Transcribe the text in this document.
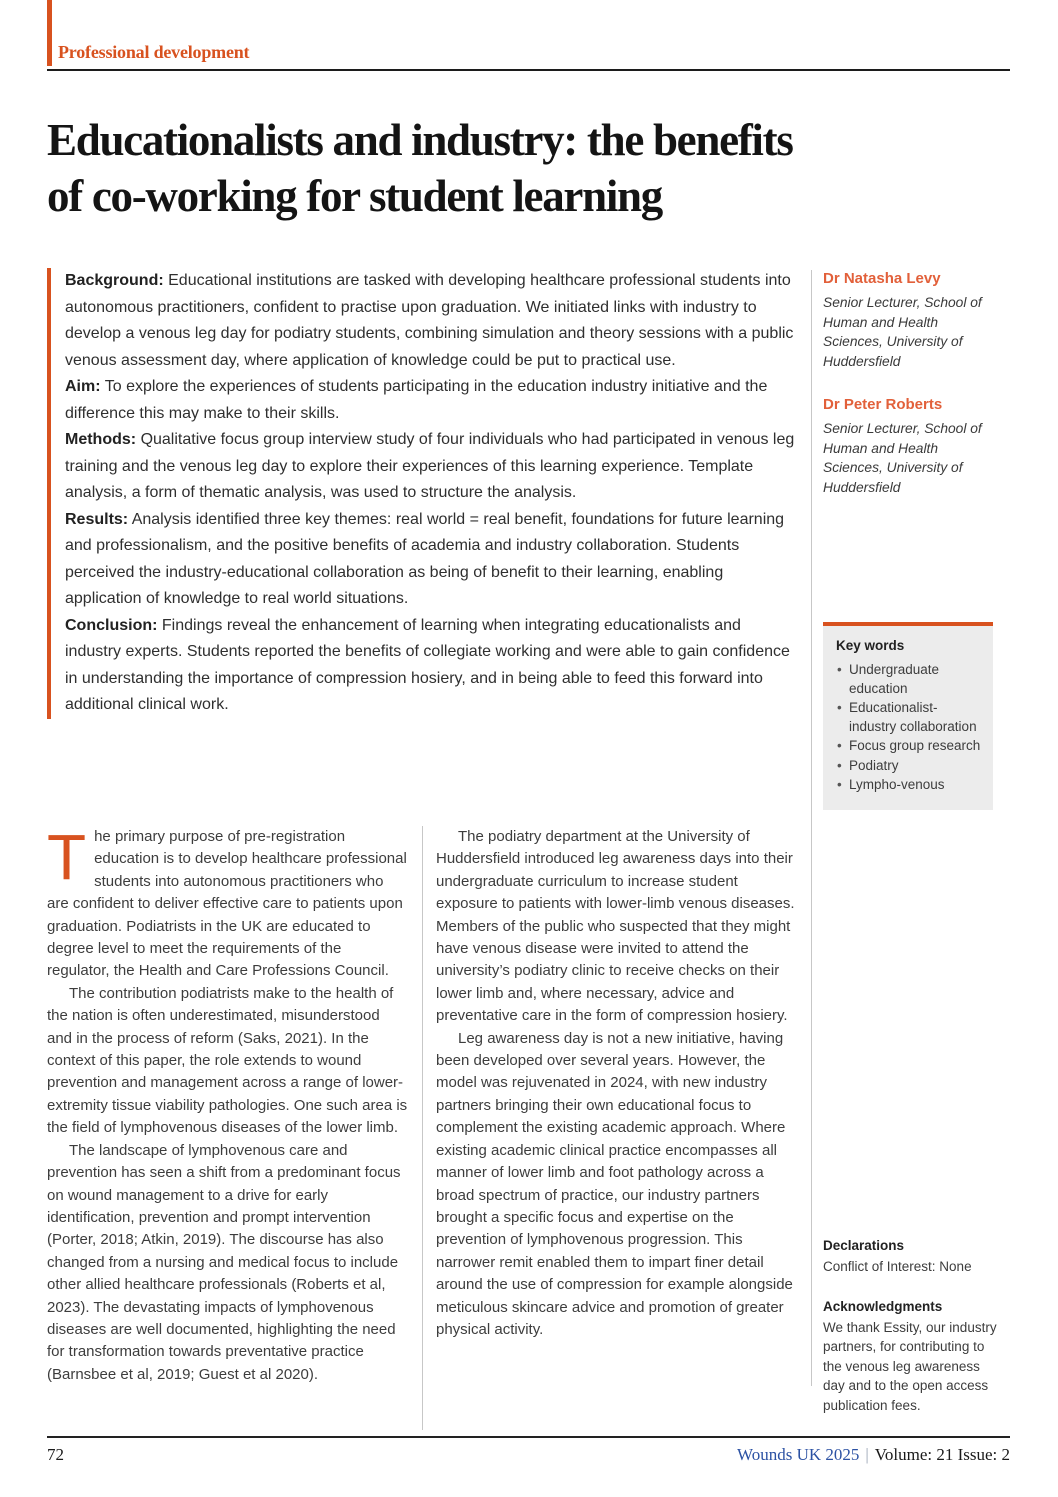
Professional development
Educationalists and industry: the benefits
of co-working for student learning
Background: Educational institutions are tasked with developing healthcare professional students into autonomous practitioners, confident to practise upon graduation. We initiated links with industry to develop a venous leg day for podiatry students, combining simulation and theory sessions with a public venous assessment day, where application of knowledge could be put to practical use.
Aim: To explore the experiences of students participating in the education industry initiative and the difference this may make to their skills.
Methods: Qualitative focus group interview study of four individuals who had participated in venous leg training and the venous leg day to explore their experiences of this learning experience. Template analysis, a form of thematic analysis, was used to structure the analysis.
Results: Analysis identified three key themes: real world = real benefit, foundations for future learning and professionalism, and the positive benefits of academia and industry collaboration. Students perceived the industry-educational collaboration as being of benefit to their learning, enabling application of knowledge to real world situations.
Conclusion: Findings reveal the enhancement of learning when integrating educationalists and industry experts. Students reported the benefits of collegiate working and were able to gain confidence in understanding the importance of compression hosiery, and in being able to feed this forward into additional clinical work.
Dr Natasha Levy
Senior Lecturer, School of Human and Health Sciences, University of Huddersfield
Dr Peter Roberts
Senior Lecturer, School of Human and Health Sciences, University of Huddersfield
Key words
• Undergraduate education
• Educationalist-industry collaboration
• Focus group research
• Podiatry
• Lympho-venous
Declarations
Conflict of Interest: None
Acknowledgments
We thank Essity, our industry partners, for contributing to the venous leg awareness day and to the open access publication fees.

The primary purpose of pre-registration education is to develop healthcare professional students into autonomous practitioners who are confident to deliver effective care to patients upon graduation. Podiatrists in the UK are educated to degree level to meet the requirements of the regulator, the Health and Care Professions Council.

The contribution podiatrists make to the health of the nation is often underestimated, misunderstood and in the process of reform (Saks, 2021). In the context of this paper, the role extends to wound prevention and management across a range of lower-extremity tissue viability pathologies. One such area is the field of lymphovenous diseases of the lower limb.

The landscape of lymphovenous care and prevention has seen a shift from a predominant focus on wound management to a drive for early identification, prevention and prompt intervention (Porter, 2018; Atkin, 2019). The discourse has also changed from a nursing and medical focus to include other allied healthcare professionals (Roberts et al, 2023). The devastating impacts of lymphovenous diseases are well documented, highlighting the need for transformation towards preventative practice (Barnsbee et al, 2019; Guest et al 2020).

The podiatry department at the University of Huddersfield introduced leg awareness days into their undergraduate curriculum to increase student exposure to patients with lower-limb venous diseases. Members of the public who suspected that they might have venous disease were invited to attend the university’s podiatry clinic to receive checks on their lower limb and, where necessary, advice and preventative care in the form of compression hosiery.

Leg awareness day is not a new initiative, having been developed over several years. However, the model was rejuvenated in 2024, with new industry partners bringing their own educational focus to complement the existing academic approach. Where existing academic clinical practice encompasses all manner of lower limb and foot pathology across a broad spectrum of practice, our industry partners brought a specific focus and expertise on the prevention of lymphovenous progression. This narrower remit enabled them to impart finer detail around the use of compression for example alongside meticulous skincare advice and promotion of greater physical activity.

72	Wounds UK 2025 | Volume: 21 Issue: 2
